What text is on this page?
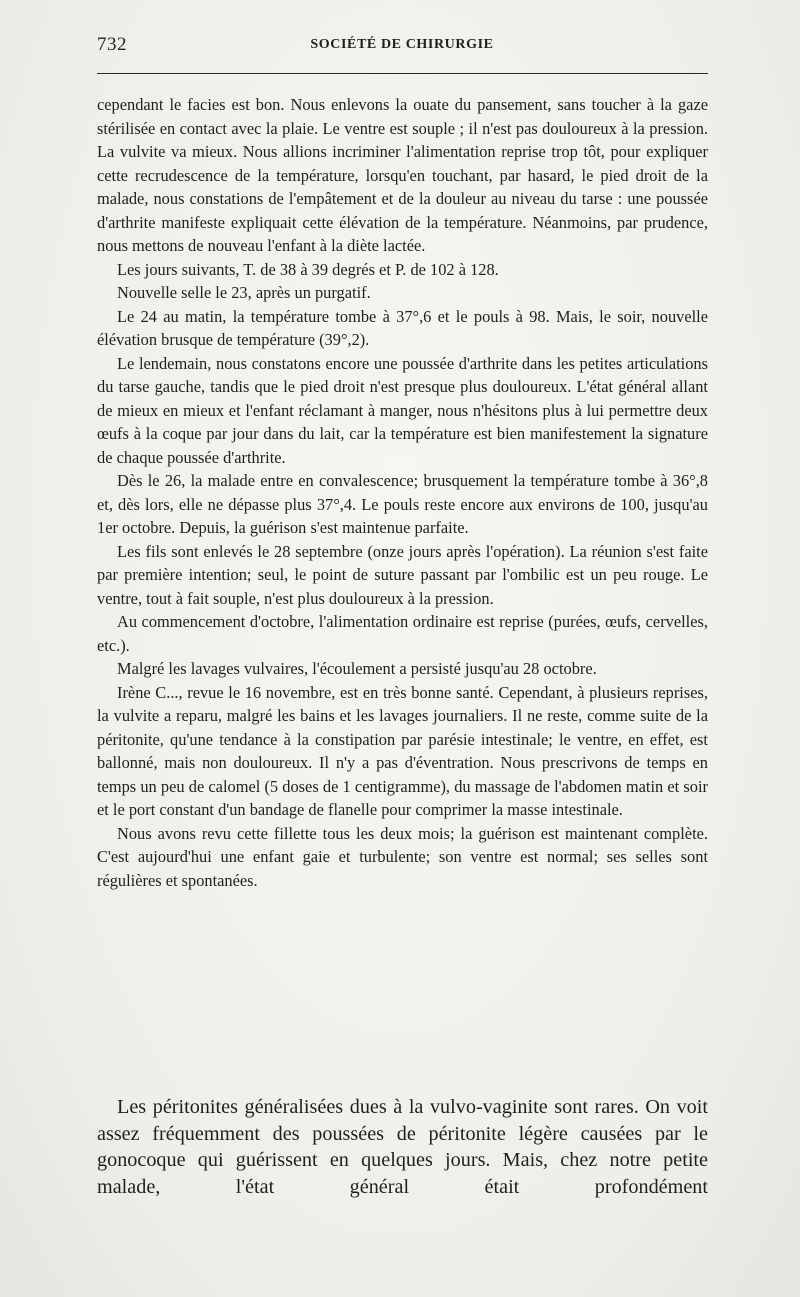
732	SOCIÉTÉ DE CHIRURGIE

cependant le facies est bon. Nous enlevons la ouate du pansement, sans toucher à la gaze stérilisée en contact avec la plaie. Le ventre est souple ; il n'est pas douloureux à la pression. La vulvite va mieux. Nous allions incriminer l'alimentation reprise trop tôt, pour expliquer cette recrudescence de la température, lorsqu'en touchant, par hasard, le pied droit de la malade, nous constations de l'empâtement et de la douleur au niveau du tarse : une poussée d'arthrite manifeste expliquait cette élévation de la température. Néanmoins, par prudence, nous mettons de nouveau l'enfant à la diète lactée.

Les jours suivants, T. de 38 à 39 degrés et P. de 102 à 128.

Nouvelle selle le 23, après un purgatif.

Le 24 au matin, la température tombe à 37°,6 et le pouls à 98. Mais, le soir, nouvelle élévation brusque de température (39°,2).

Le lendemain, nous constatons encore une poussée d'arthrite dans les petites articulations du tarse gauche, tandis que le pied droit n'est presque plus douloureux. L'état général allant de mieux en mieux et l'enfant réclamant à manger, nous n'hésitons plus à lui permettre deux œufs à la coque par jour dans du lait, car la température est bien manifestement la signature de chaque poussée d'arthrite.

Dès le 26, la malade entre en convalescence; brusquement la température tombe à 36°,8 et, dès lors, elle ne dépasse plus 37°,4. Le pouls reste encore aux environs de 100, jusqu'au 1er octobre. Depuis, la guérison s'est maintenue parfaite.

Les fils sont enlevés le 28 septembre (onze jours après l'opération). La réunion s'est faite par première intention; seul, le point de suture passant par l'ombilic est un peu rouge. Le ventre, tout à fait souple, n'est plus douloureux à la pression.

Au commencement d'octobre, l'alimentation ordinaire est reprise (purées, œufs, cervelles, etc.).

Malgré les lavages vulvaires, l'écoulement a persisté jusqu'au 28 octobre.

Irène C..., revue le 16 novembre, est en très bonne santé. Cependant, à plusieurs reprises, la vulvite a reparu, malgré les bains et les lavages journaliers. Il ne reste, comme suite de la péritonite, qu'une tendance à la constipation par parésie intestinale; le ventre, en effet, est ballonné, mais non douloureux. Il n'y a pas d'éventration. Nous prescrivons de temps en temps un peu de calomel (5 doses de 1 centigramme), du massage de l'abdomen matin et soir et le port constant d'un bandage de flanelle pour comprimer la masse intestinale.

Nous avons revu cette fillette tous les deux mois; la guérison est maintenant complète. C'est aujourd'hui une enfant gaie et turbulente; son ventre est normal; ses selles sont régulières et spontanées.

Les péritonites généralisées dues à la vulvo-vaginite sont rares. On voit assez fréquemment des poussées de péritonite légère causées par le gonocoque qui guérissent en quelques jours. Mais, chez notre petite malade, l'état général était profondément
